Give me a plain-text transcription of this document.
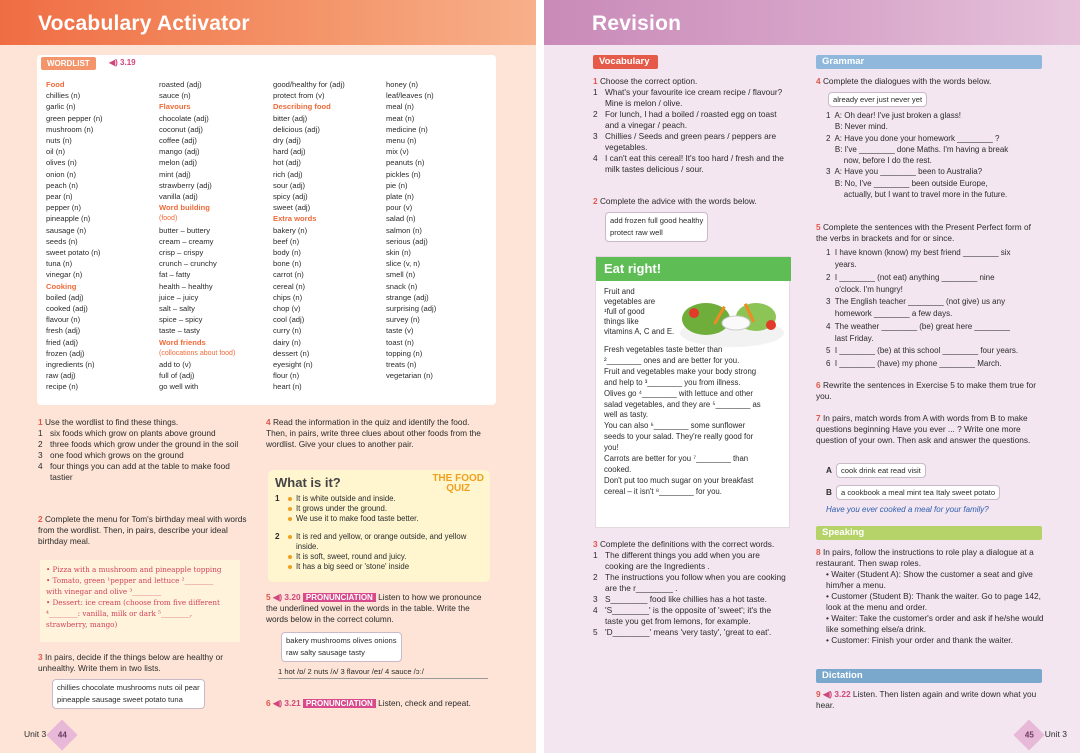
Vocabulary Activator
WORDLIST	◀) 3.19
Food
chillies (n)
garlic (n)
green pepper (n)
mushroom (n)
nuts (n)
oil (n)
olives (n)
onion (n)
peach (n)
pear (n)
pepper (n)
pineapple (n)
sausage (n)
seeds (n)
sweet potato (n)
tuna (n)
vinegar (n)
Cooking
boiled (adj)
cooked (adj)
flavour (n)
fresh (adj)
fried (adj)
frozen (adj)
ingredients (n)
raw (adj)
recipe (n)
roasted (adj)
sauce (n)
Flavours
chocolate (adj)
coconut (adj)
coffee (adj)
mango (adj)
melon (adj)
mint (adj)
strawberry (adj)
vanilla (adj)
Word building
(food)
butter – buttery
cream – creamy
crisp – crispy
crunch – crunchy
fat – fatty
health – healthy
juice – juicy
salt – salty
spice – spicy
taste – tasty
Word friends
(collocations about food)
add to (v)
full of (adj)
go well with
good/healthy for (adj)
protect from (v)
Describing food
bitter (adj)
delicious (adj)
dry (adj)
hard (adj)
hot (adj)
rich (adj)
sour (adj)
spicy (adj)
sweet (adj)
Extra words
bakery (n)
beef (n)
body (n)
bone (n)
carrot (n)
cereal (n)
chips (n)
chop (v)
cool (adj)
curry (n)
dairy (n)
dessert (n)
eyesight (n)
flour (n)
heart (n)
honey (n)
leaf/leaves (n)
meal (n)
meat (n)
medicine (n)
menu (n)
mix (v)
peanuts (n)
pickles (n)
pie (n)
plate (n)
pour (v)
salad (n)
salmon (n)
serious (adj)
skin (n)
slice (v, n)
smell (n)
snack (n)
strange (adj)
surprising (adj)
survey (n)
taste (v)
toast (n)
topping (n)
treats (n)
vegetarian (n)
1 Use the wordlist to find these things.
1 six foods which grow on plants above ground
2 three foods which grow under the ground in the soil
3 one food which grows on the ground
4 four things you can add at the table to make food tastier
2 Complete the menu for Tom's birthday meal with words from the wordlist. Then, in pairs, describe your ideal birthday meal.
• Pizza with a mushroom and pineapple topping
• Tomato, green ¹pepper and lettuce ²________
with vinegar and olive ³________
• Dessert: ice cream (choose from five different
⁴________: vanilla, milk or dark ⁵________,
strawberry, mango)
3 In pairs, decide if the things below are healthy or unhealthy. Write them in two lists.
chillies chocolate mushrooms nuts oil pear
pineapple sausage sweet potato tuna
4 Read the information in the quiz and identify the food. Then, in pairs, write three clues about other foods from the wordlist. Give your clues to another pair.
What is it?	THE FOOD
QUIZ
1	It is white outside and inside.
It grows under the ground.
We use it to make food taste better.
2	It is red and yellow, or orange outside, and yellow inside.
It is soft, sweet, round and juicy.
It has a big seed or 'stone' inside
5 ◀) 3.20 PRONUNCIATION Listen to how we pronounce the underlined vowel in the words in the table. Write the words below in the correct column.
bakery mushrooms olives onions
raw salty sausage tasty
1 hot /ɒ/ 2 nuts /ʌ/ 3 flavour /eɪ/ 4 sauce /ɔː/
6 ◀) 3.21 PRONUNCIATION Listen, check and repeat.
Unit 3 44
Revision
Vocabulary
1 Choose the correct option.
1 What's your favourite ice cream recipe / flavour? Mine is melon / olive.
2 For lunch, I had a boiled / roasted egg on toast and a vinegar / peach.
3 Chillies / Seeds and green pears / peppers are vegetables.
4 I can't eat this cereal! It's too hard / fresh and the milk tastes delicious / sour.
2 Complete the advice with the words below.
add frozen full good healthy
protect raw well
Eat right!
Fruit and
vegetables are
¹full of good
things like
vitamins A, C and E.
Fresh vegetables taste better than
²________ ones and are better for you.
Fruit and vegetables make your body strong
and help to ³________ you from illness.
Olives go ⁴________ with lettuce and other
salad vegetables, and they are ⁵________ as
well as tasty.
You can also ⁶________ some sunflower
seeds to your salad. They're really good for
you!
Carrots are better for you ⁷________ than
cooked.
Don't put too much sugar on your breakfast
cereal – it isn't ⁸________ for you.
3 Complete the definitions with the correct words.
1 The different things you add when you are cooking are the Ingredients .
2 The instructions you follow when you are cooking are the r________ .
3 S________ food like chillies has a hot taste.
4 'S________' is the opposite of 'sweet'; it's the taste you get from lemons, for example.
5 'D________' means 'very tasty', 'great to eat'.
Grammar
4 Complete the dialogues with the words below.
already ever just never yet
1  A: Oh dear! I've just broken a glass!
B: Never mind.
2  A: Have you done your homework ________ ?
B: I've ________ done Maths. I'm having a break
now, before I do the rest.
3  A: Have you ________ been to Australia?
B: No, I've ________ been outside Europe,
actually, but I want to travel more in the future.
5 Complete the sentences with the Present Perfect form of the verbs in brackets and for or since.
1  I have known (know) my best friend ________ six
years.
2  I ________ (not eat) anything ________ nine
o'clock. I'm hungry!
3  The English teacher ________ (not give) us any
homework ________ a few days.
4  The weather ________ (be) great here ________
last Friday.
5  I ________ (be) at this school ________ four years.
6  I ________ (have) my phone ________ March.
6 Rewrite the sentences in Exercise 5 to make them true for you.
7 In pairs, match words from A with words from B to make questions beginning Have you ever ... ? Write one more question of your own. Then ask and answer the questions.
A	cook drink eat read visit
B	a cookbook a meal mint tea Italy sweet potato
Have you ever cooked a meal for your family?
Speaking
8 In pairs, follow the instructions to role play a dialogue at a restaurant. Then swap roles.
• Waiter (Student A): Show the customer a seat and give him/her a menu.
• Customer (Student B): Thank the waiter. Go to page 142, look at the menu and order.
• Waiter: Take the customer's order and ask if he/she would like something else/a drink.
• Customer: Finish your order and thank the waiter.
Dictation
9 ◀) 3.22 Listen. Then listen again and write down what you hear.
45 Unit 3
